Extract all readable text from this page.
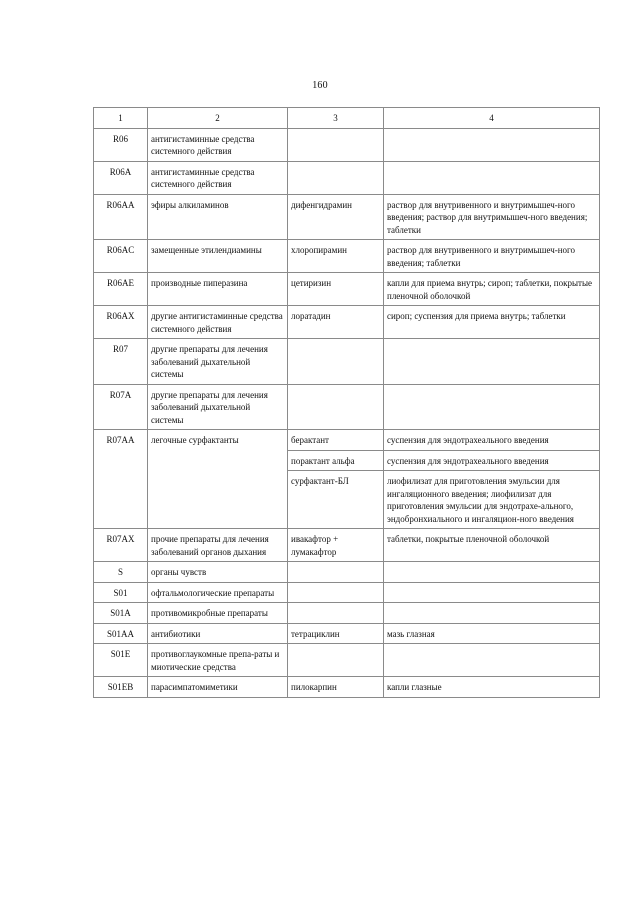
160
1	2	3	4
R06	антигистаминные средства системного действия		
R06A	антигистаминные средства системного действия		
R06AA	эфиры алкиламинов	дифенгидрамин	раствор для внутривенного и внутримышеч-ного введения; раствор для внутримышеч-ного введения; таблетки
R06AC	замещенные этилендиамины	хлоропирамин	раствор для внутривенного и внутримышеч-ного введения; таблетки
R06AE	производные пиперазина	цетиризин	капли для приема внутрь; сироп; таблетки, покрытые пленочной оболочкой
R06AX	другие антигистаминные средства системного действия	лоратадин	сироп; суспензия для приема внутрь; таблетки
R07	другие препараты для лечения заболеваний дыхательной системы		
R07A	другие препараты для лечения заболеваний дыхательной системы		
R07AA	легочные сурфактанты	берактант	суспензия для эндотрахеального введения
		порактант альфа	суспензия для эндотрахеального введения
		сурфактант-БЛ	лиофилизат для приготовления эмульсии для ингаляционного введения; лиофилизат для приготовления эмульсии для эндотрахе-ального, эндобронхиального и ингаляцион-ного введения
R07AX	прочие препараты для лечения заболеваний органов дыхания	ивакафтор + лумакафтор	таблетки, покрытые пленочной оболочкой
S	органы чувств		
S01	офтальмологические препараты		
S01A	противомикробные препараты		
S01AA	антибиотики	тетрациклин	мазь глазная
S01E	противоглаукомные препа-раты и миотические средства		
S01EB	парасимпатомиметики	пилокарпин	капли глазные
